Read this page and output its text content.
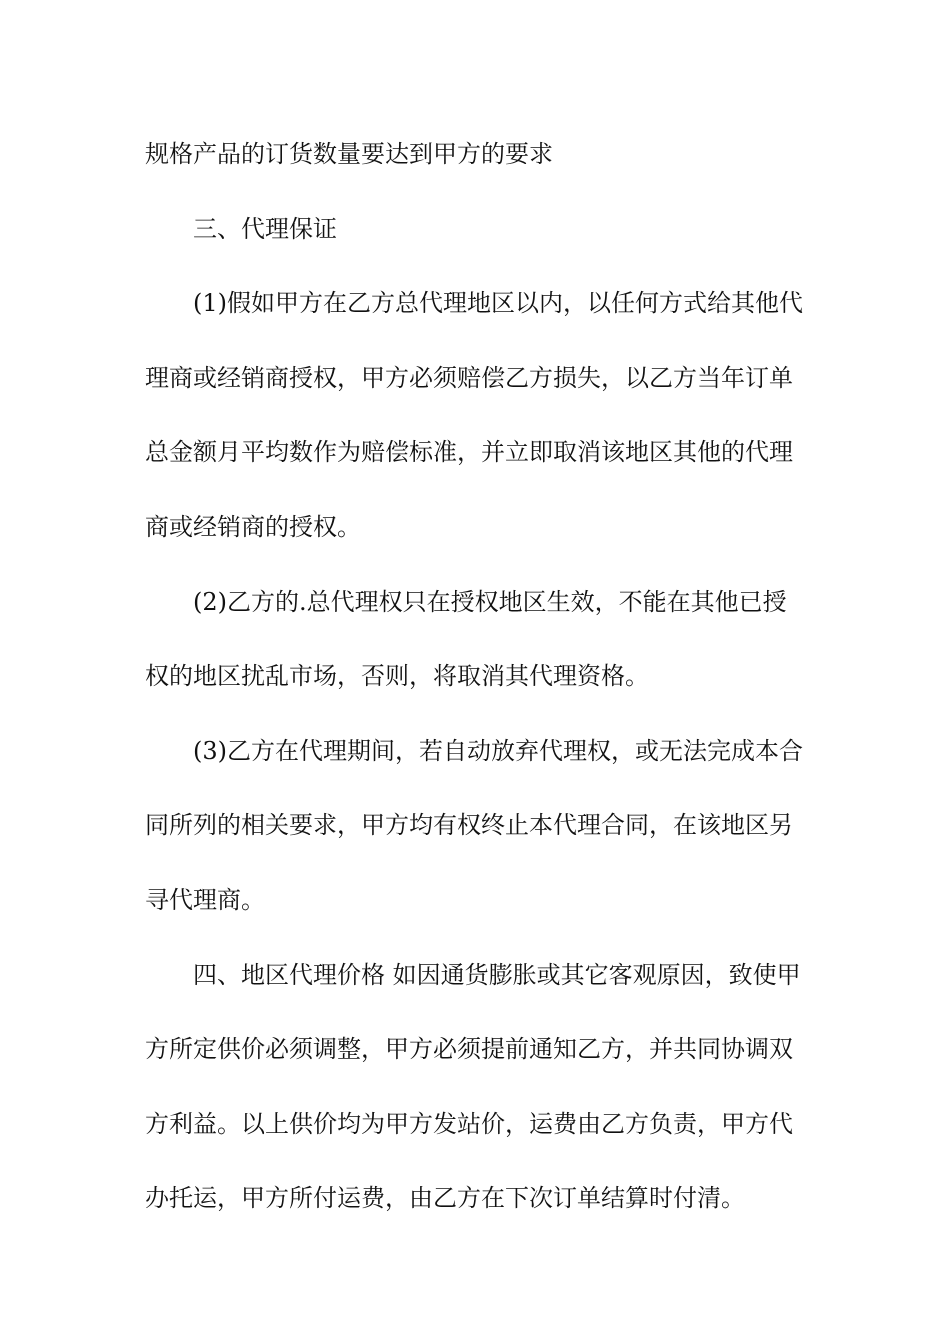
规格产品的订货数量要达到甲方的要求
三、代理保证
(1)假如甲方在乙方总代理地区以内，以任何方式给其他代
理商或经销商授权，甲方必须赔偿乙方损失，以乙方当年订单
总金额月平均数作为赔偿标准，并立即取消该地区其他的代理
商或经销商的授权。
(2)乙方的.总代理权只在授权地区生效，不能在其他已授
权的地区扰乱市场，否则，将取消其代理资格。
(3)乙方在代理期间，若自动放弃代理权，或无法完成本合
同所列的相关要求，甲方均有权终止本代理合同，在该地区另
寻代理商。
四、地区代理价格 如因通货膨胀或其它客观原因，致使甲
方所定供价必须调整，甲方必须提前通知乙方，并共同协调双
方利益。以上供价均为甲方发站价，运费由乙方负责，甲方代
办托运，甲方所付运费，由乙方在下次订单结算时付清。
